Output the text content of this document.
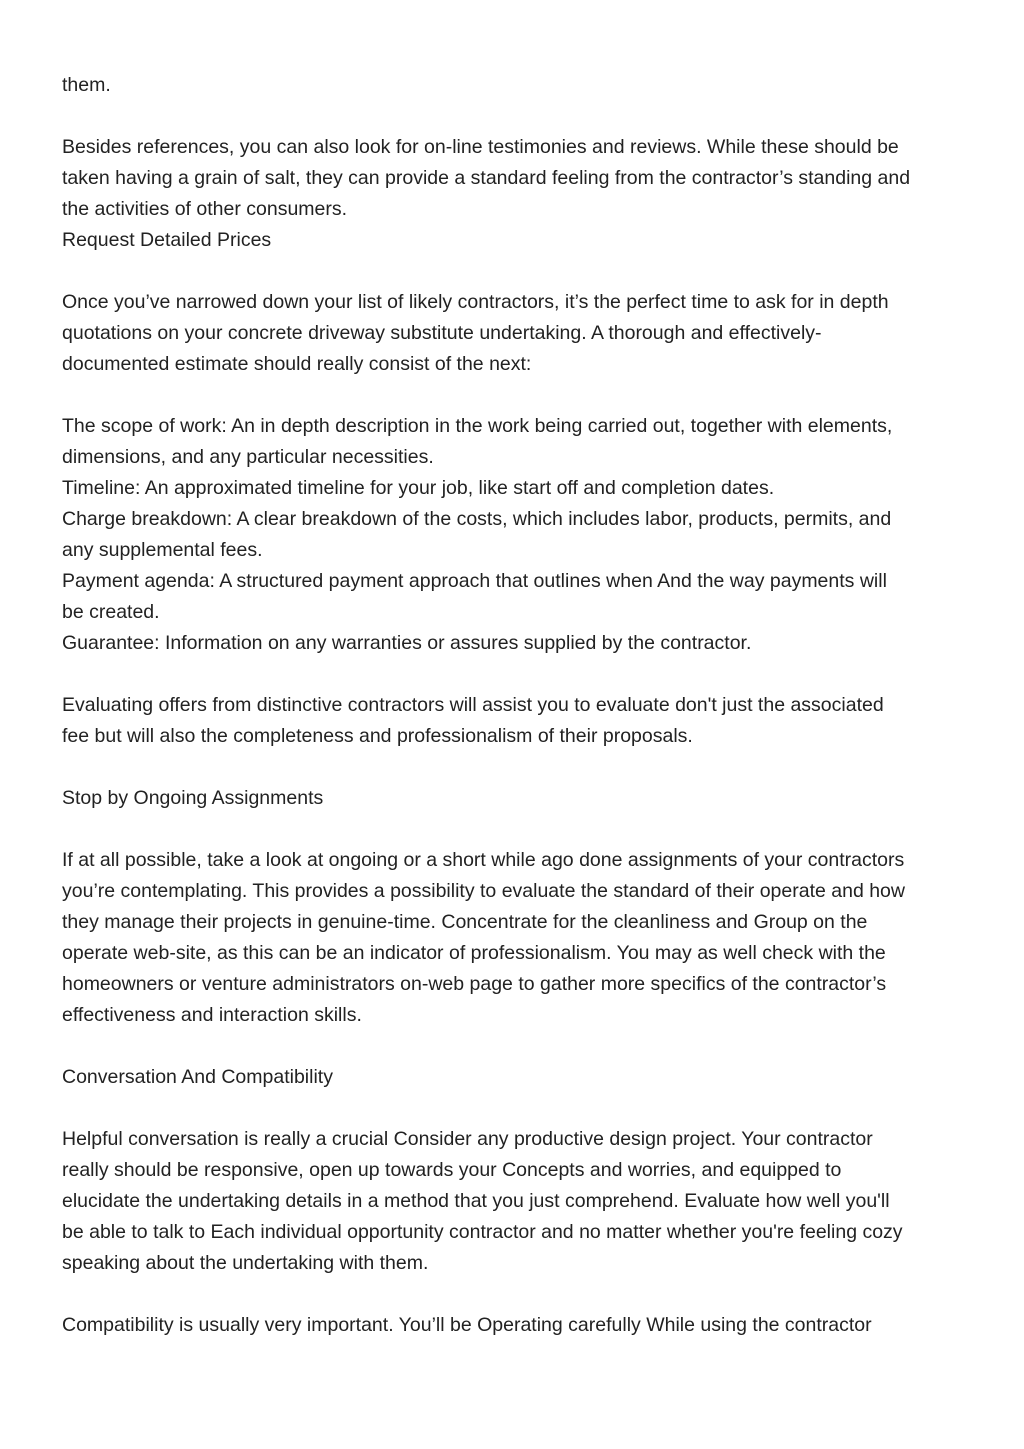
them.
Besides references, you can also look for on-line testimonies and reviews. While these should be
taken having a grain of salt, they can provide a standard feeling from the contractor’s standing and
the activities of other consumers.
Request Detailed Prices
Once you’ve narrowed down your list of likely contractors, it’s the perfect time to ask for in depth
quotations on your concrete driveway substitute undertaking. A thorough and effectively-
documented estimate should really consist of the next:
The scope of work: An in depth description in the work being carried out, together with elements,
dimensions, and any particular necessities.
Timeline: An approximated timeline for your job, like start off and completion dates.
Charge breakdown: A clear breakdown of the costs, which includes labor, products, permits, and
any supplemental fees.
Payment agenda: A structured payment approach that outlines when And the way payments will
be created.
Guarantee: Information on any warranties or assures supplied by the contractor.
Evaluating offers from distinctive contractors will assist you to evaluate don't just the associated
fee but will also the completeness and professionalism of their proposals.
Stop by Ongoing Assignments
If at all possible, take a look at ongoing or a short while ago done assignments of your contractors
you’re contemplating. This provides a possibility to evaluate the standard of their operate and how
they manage their projects in genuine-time. Concentrate for the cleanliness and Group on the
operate web-site, as this can be an indicator of professionalism. You may as well check with the
homeowners or venture administrators on-web page to gather more specifics of the contractor’s
effectiveness and interaction skills.
Conversation And Compatibility
Helpful conversation is really a crucial Consider any productive design project. Your contractor
really should be responsive, open up towards your Concepts and worries, and equipped to
elucidate the undertaking details in a method that you just comprehend. Evaluate how well you'll
be able to talk to Each individual opportunity contractor and no matter whether you're feeling cozy
speaking about the undertaking with them.
Compatibility is usually very important. You’ll be Operating carefully While using the contractor
